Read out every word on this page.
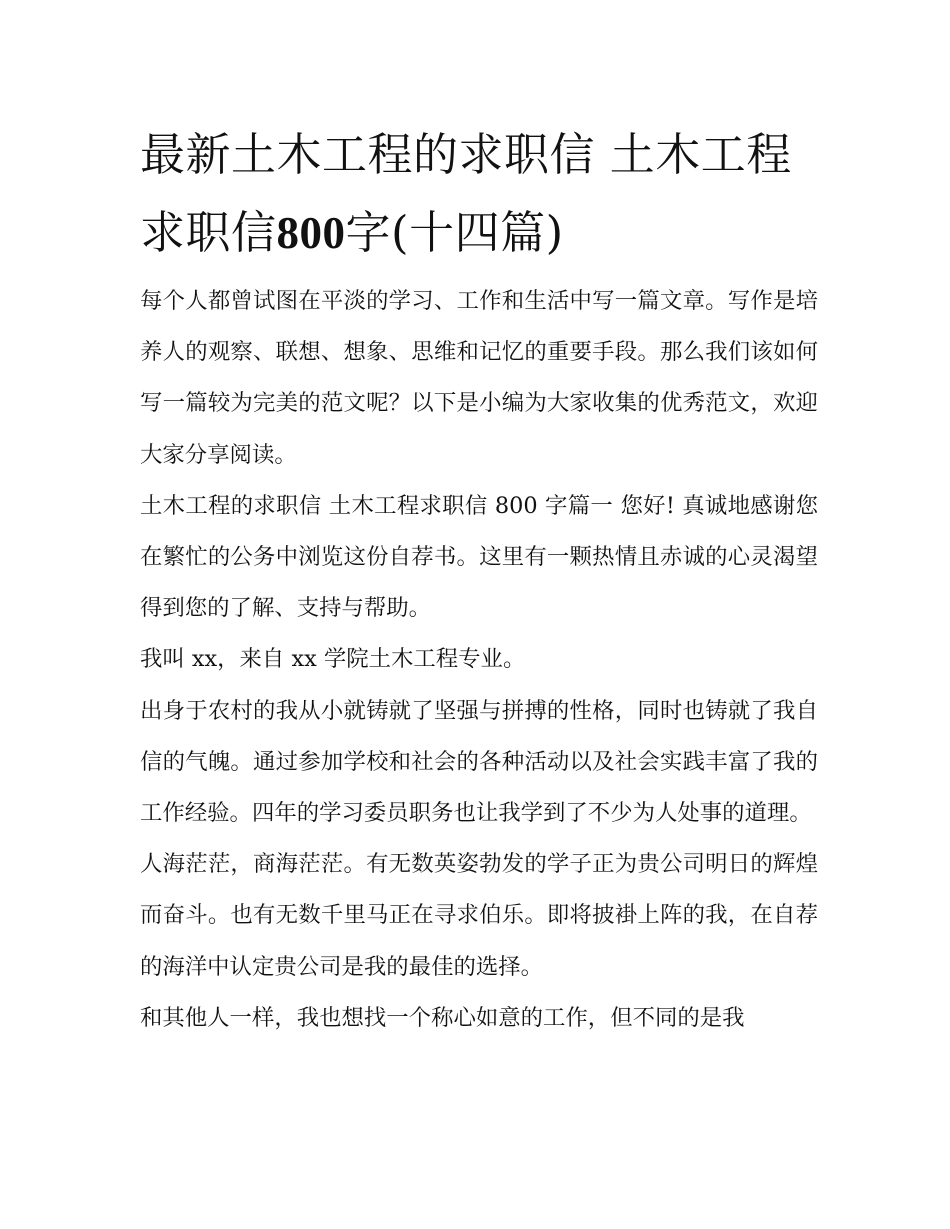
最新土木工程的求职信 土木工程求职信800字(十四篇)

每个人都曾试图在平淡的学习、工作和生活中写一篇文章。写作是培养人的观察、联想、想象、思维和记忆的重要手段。那么我们该如何写一篇较为完美的范文呢？以下是小编为大家收集的优秀范文，欢迎大家分享阅读。

土木工程的求职信 土木工程求职信 800 字篇一 您好! 真诚地感谢您在繁忙的公务中浏览这份自荐书。这里有一颗热情且赤诚的心灵渴望得到您的了解、支持与帮助。

我叫 xx，来自 xx 学院土木工程专业。

出身于农村的我从小就铸就了坚强与拼搏的性格，同时也铸就了我自信的气魄。通过参加学校和社会的各种活动以及社会实践丰富了我的工作经验。四年的学习委员职务也让我学到了不少为人处事的道理。

人海茫茫，商海茫茫。有无数英姿勃发的学子正为贵公司明日的辉煌而奋斗。也有无数千里马正在寻求伯乐。即将披褂上阵的我，在自荐的海洋中认定贵公司是我的最佳的选择。

和其他人一样，我也想找一个称心如意的工作，但不同的是我
